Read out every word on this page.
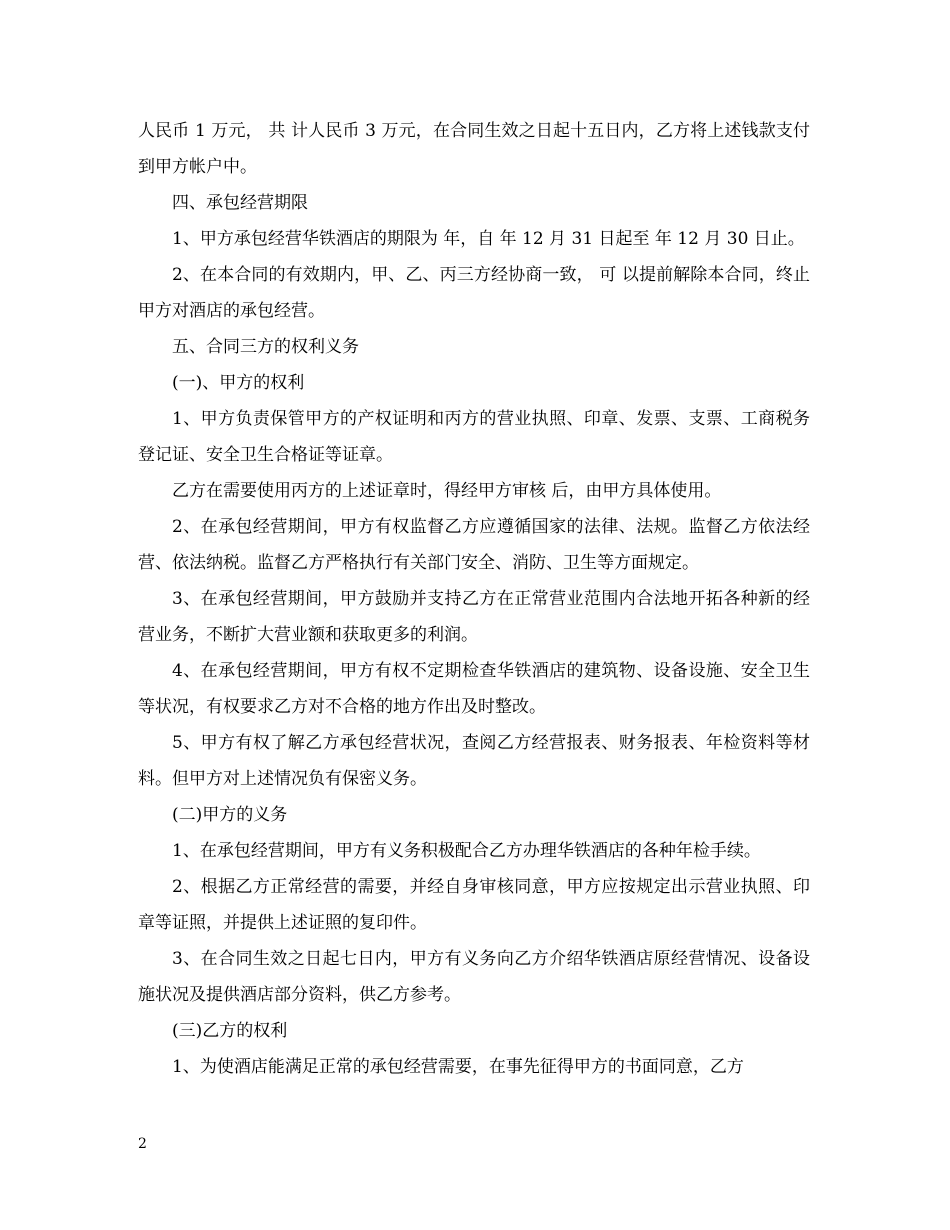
人民币 1 万元， 共 计人民币 3 万元，在合同生效之日起十五日内，乙方将上述钱款支付到甲方帐户中。

四、承包经营期限

1、甲方承包经营华铁酒店的期限为 年，自 年 12 月 31 日起至 年 12 月 30 日止。

2、在本合同的有效期内，甲、乙、丙三方经协商一致， 可 以提前解除本合同，终止甲方对酒店的承包经营。

五、合同三方的权利义务

(一)、甲方的权利

1、甲方负责保管甲方的产权证明和丙方的营业执照、印章、发票、支票、工商税务登记证、安全卫生合格证等证章。

乙方在需要使用丙方的上述证章时，得经甲方审核 后，由甲方具体使用。

2、在承包经营期间，甲方有权监督乙方应遵循国家的法律、法规。监督乙方依法经营、依法纳税。监督乙方严格执行有关部门安全、消防、卫生等方面规定。

3、在承包经营期间，甲方鼓励并支持乙方在正常营业范围内合法地开拓各种新的经营业务，不断扩大营业额和获取更多的利润。

4、在承包经营期间，甲方有权不定期检查华铁酒店的建筑物、设备设施、安全卫生等状况，有权要求乙方对不合格的地方作出及时整改。

5、甲方有权了解乙方承包经营状况，查阅乙方经营报表、财务报表、年检资料等材料。但甲方对上述情况负有保密义务。

(二)甲方的义务

1、在承包经营期间，甲方有义务积极配合乙方办理华铁酒店的各种年检手续。

2、根据乙方正常经营的需要，并经自身审核同意，甲方应按规定出示营业执照、印章等证照，并提供上述证照的复印件。

3、在合同生效之日起七日内，甲方有义务向乙方介绍华铁酒店原经营情况、设备设施状况及提供酒店部分资料，供乙方参考。

(三)乙方的权利

1、为使酒店能满足正常的承包经营需要，在事先征得甲方的书面同意，乙方

2
